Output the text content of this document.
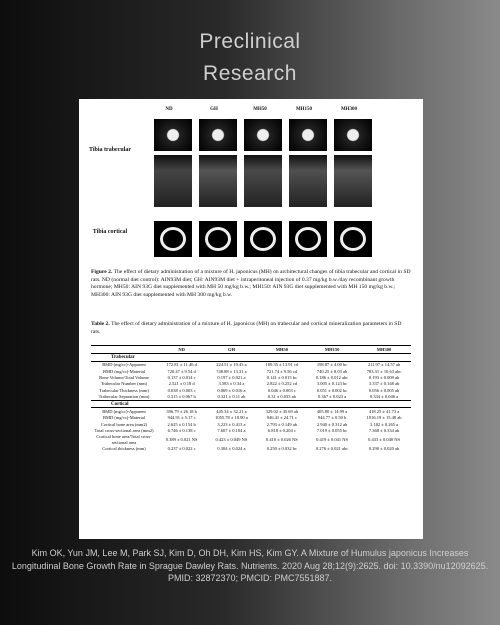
Preclinical
Research
ND	GH	MH50	MH150	MH300
Tibia trabecular
Tibia cortical
Figure 2. The effect of dietary administration of a mixture of H. japonicus (MH) on architectural changes of tibia trabecular and cortical in SD rats. ND (normal diet control): AIN93M diet; GH: AIN93M diet + intraperitoneal injection of 0.37 mg/kg b.w./day recombinant growth hormone; MH50: AIN 93G diet supplemented with MH 50 mg/kg b.w.; MH150: AIN 93G diet supplemented with MH 150 mg/kg b.w.; MH300: AIN 93G diet supplemented with MH 300 mg/kg b.w.
Table 2. The effect of dietary administration of a mixture of H. japonicus (MH) on trabecular and cortical mineralization parameters in SD rats.
	ND	GH	MH50	MH150	MH300
Trabecular					
BMD (mg/cc)-Apparent	172.81 ± 11.46 d	224.51 ± 19.43 a	189.35 ± 13.91 cd	198.87 ± 4.00 bc	211.97 ± 14.57 ab
BMD (mg/cc)-Material	720.47 ± 9.54 d	748.88 ± 13.31 a	721.74 ± 9.56 cd	740.25 ± 8.03 ab	783.31 ± 10.63 abc
Bone Volume/Total Volume	0.137 ± 0.014 c	0.197 ± 0.021 a	0.141 ± 0.015 bc	0.186 ± 0.012 abc	0.193 ± 0.009 ab
Trabecular Number (mm)	2.521 ± 0.18 d	3.583 ± 0.34 a	2.822 ± 0.252 cd	3.005 ± 0.123 bc	3.337 ± 0.148 ab
Trabecular Thickness (mm)	0.038 ± 0.003 c	0.069 ± 0.016 a	0.046 ± 0.003 c	0.051 ± 0.002 bc	0.056 ± 0.005 ab
Trabecular Separation (mm)	0.315 ± 0.067 b	0.321 ± 0.11 ab	0.31 ± 0.033 ab	0.367 ± 0.023 a	0.334 ± 0.046 a
Cortical					
BMD (mg/cc)-Apparent	396.79 ± 26.18 b	445.34 ± 32.21 a	329.02 ± 45.69 ab	405.80 ± 14.99 a	418.25 ± 41.73 a
BMD (mg/cc)-Material	944.91 ± 5.17 c	1055.78 ± 18.90 a	946.41 ± 24.71 c	944.77 ± 0.50 b	1016.19 ± 15.48 ab
Cortical bone area (mm2)	2.625 ± 0.154 b	3.223 ± 0.413 a	2.793 ± 0.149 ab	2.940 ± 0.312 ab	3.182 ± 0.265 a
Total cross-sectional area (mm2)	6.746 ± 0.138 c	7.607 ± 0.104 a	6.818 ± 0.204 c	7.019 ± 0.055 bc	7.368 ± 0.334 ab
Cortical bone area/Total cross-sectional area	0.389 ± 0.021 NS	0.423 ± 0.049 NS	0.410 ± 0.026 NS	0.419 ± 0.041 NS	0.433 ± 0.040 NS
Cortical thickness (mm)	0.237 ± 0.022 c	0.304 ± 0.024 a	0.250 ± 0.032 bc	0.276 ± 0.021 abc	0.290 ± 0.020 ab
Kim OK, Yun JM, Lee M, Park SJ, Kim D, Oh DH, Kim HS, Kim GY. A Mixture of Humulus japonicus Increases Longitudinal Bone Growth Rate in Sprague Dawley Rats. Nutrients. 2020 Aug 28;12(9):2625. doi: 10.3390/nu12092625. PMID: 32872370; PMCID: PMC7551887.
